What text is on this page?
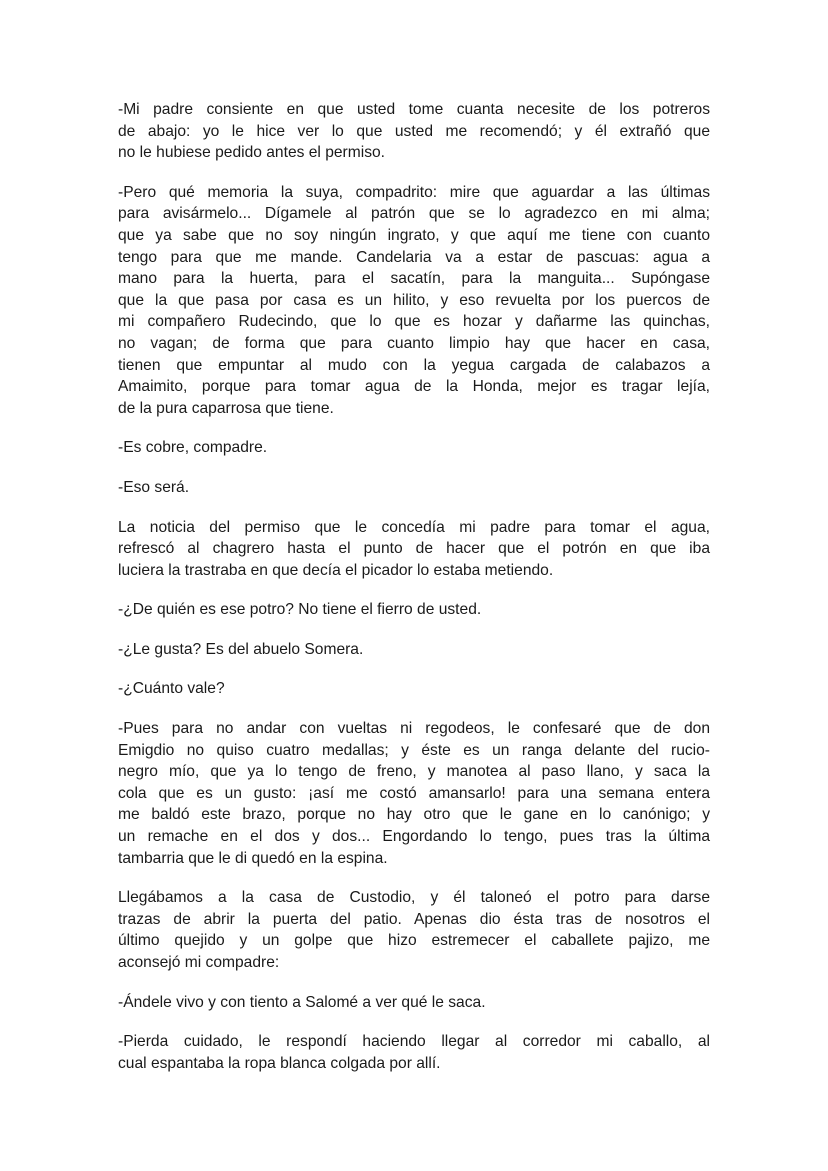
-Mi padre consiente en que usted tome cuanta necesite de los potreros
de abajo: yo le hice ver lo que usted me recomendó; y él extrañó que
no le hubiese pedido antes el permiso.
-Pero qué memoria la suya, compadrito: mire que aguardar a las últimas
para avisármelo... Dígamele al patrón que se lo agradezco en mi alma;
que ya sabe que no soy ningún ingrato, y que aquí me tiene con cuanto
tengo para que me mande. Candelaria va a estar de pascuas: agua a
mano para la huerta, para el sacatín, para la manguita... Supóngase
que la que pasa por casa es un hilito, y eso revuelta por los puercos de
mi compañero Rudecindo, que lo que es hozar y dañarme las quinchas,
no vagan; de forma que para cuanto limpio hay que hacer en casa,
tienen que empuntar al mudo con la yegua cargada de calabazos a
Amaimito, porque para tomar agua de la Honda, mejor es tragar lejía,
de la pura caparrosa que tiene.
-Es cobre, compadre.
-Eso será.
La noticia del permiso que le concedía mi padre para tomar el agua,
refrescó al chagrero hasta el punto de hacer que el potrón en que iba
luciera la trastraba en que decía el picador lo estaba metiendo.
-¿De quién es ese potro? No tiene el fierro de usted.
-¿Le gusta? Es del abuelo Somera.
-¿Cuánto vale?
-Pues para no andar con vueltas ni regodeos, le confesaré que de don
Emigdio no quiso cuatro medallas; y éste es un ranga delante del rucio-
negro mío, que ya lo tengo de freno, y manotea al paso llano, y saca la
cola que es un gusto: ¡así me costó amansarlo! para una semana entera
me baldó este brazo, porque no hay otro que le gane en lo canónigo; y
un remache en el dos y dos... Engordando lo tengo, pues tras la última
tambarria que le di quedó en la espina.
Llegábamos a la casa de Custodio, y él taloneó el potro para darse
trazas de abrir la puerta del patio. Apenas dio ésta tras de nosotros el
último quejido y un golpe que hizo estremecer el caballete pajizo, me
aconsejó mi compadre:
-Ándele vivo y con tiento a Salomé a ver qué le saca.
-Pierda cuidado, le respondí haciendo llegar al corredor mi caballo, al
cual espantaba la ropa blanca colgada por allí.
